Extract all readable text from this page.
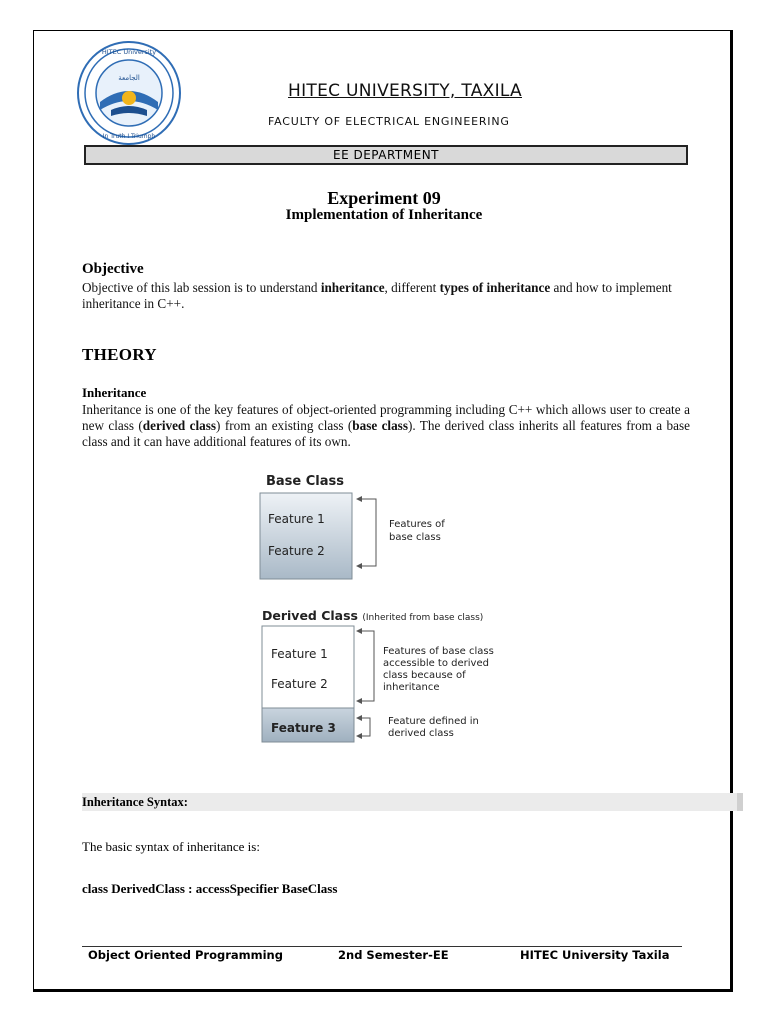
الجامعة
HITEC University
In Truth I Triumph
HITEC UNIVERSITY, TAXILA
FACULTY OF ELECTRICAL ENGINEERING
EE DEPARTMENT
Experiment 09
Implementation of Inheritance
Objective
Objective of this lab session is to understand inheritance, different types of inheritance and how to implement inheritance in C++.
THEORY
Inheritance
Inheritance is one of the key features of object-oriented programming including C++ which allows user to create a new class (derived class) from an existing class (base class). The derived class inherits all features from a base class and it can have additional features of its own.
Base Class
Feature 1
Feature 2
Features of
base class
Derived Class (Inherited from base class)
Feature 1
Feature 2
Feature 3
Features of base class
accessible to derived
class because of
inheritance
Feature defined in
derived class
Inheritance Syntax:
The basic syntax of inheritance is:
class DerivedClass : accessSpecifier BaseClass
Object Oriented Programming	2nd Semester-EE	HITEC University Taxila
